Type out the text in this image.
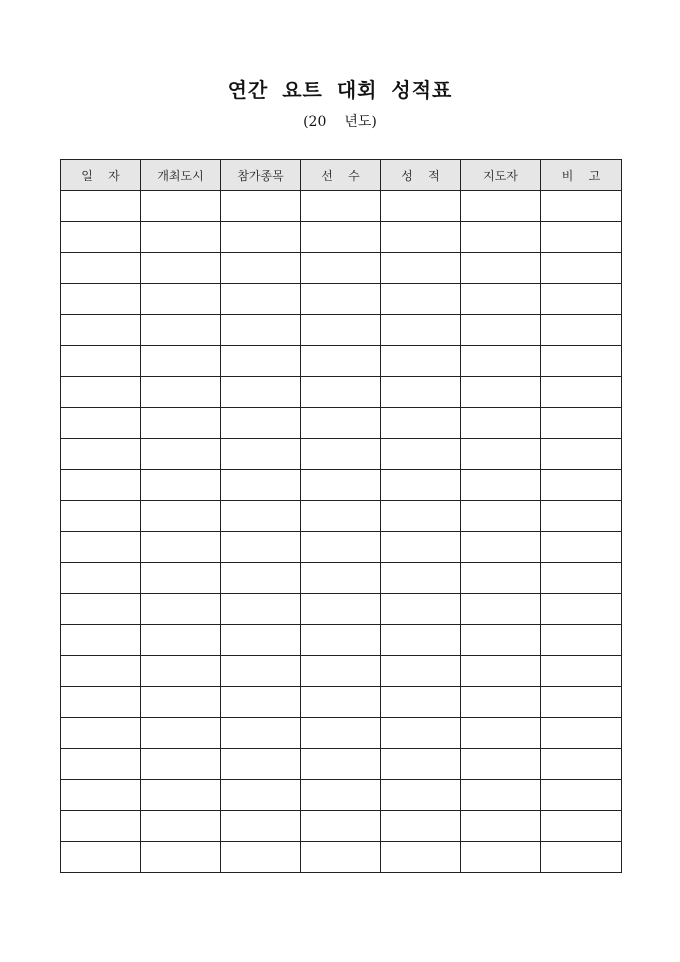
연간 요트 대회 성적표

(20 년도)

일    자	개최도시	참가종목	선    수	성    적	지도자	비    고
